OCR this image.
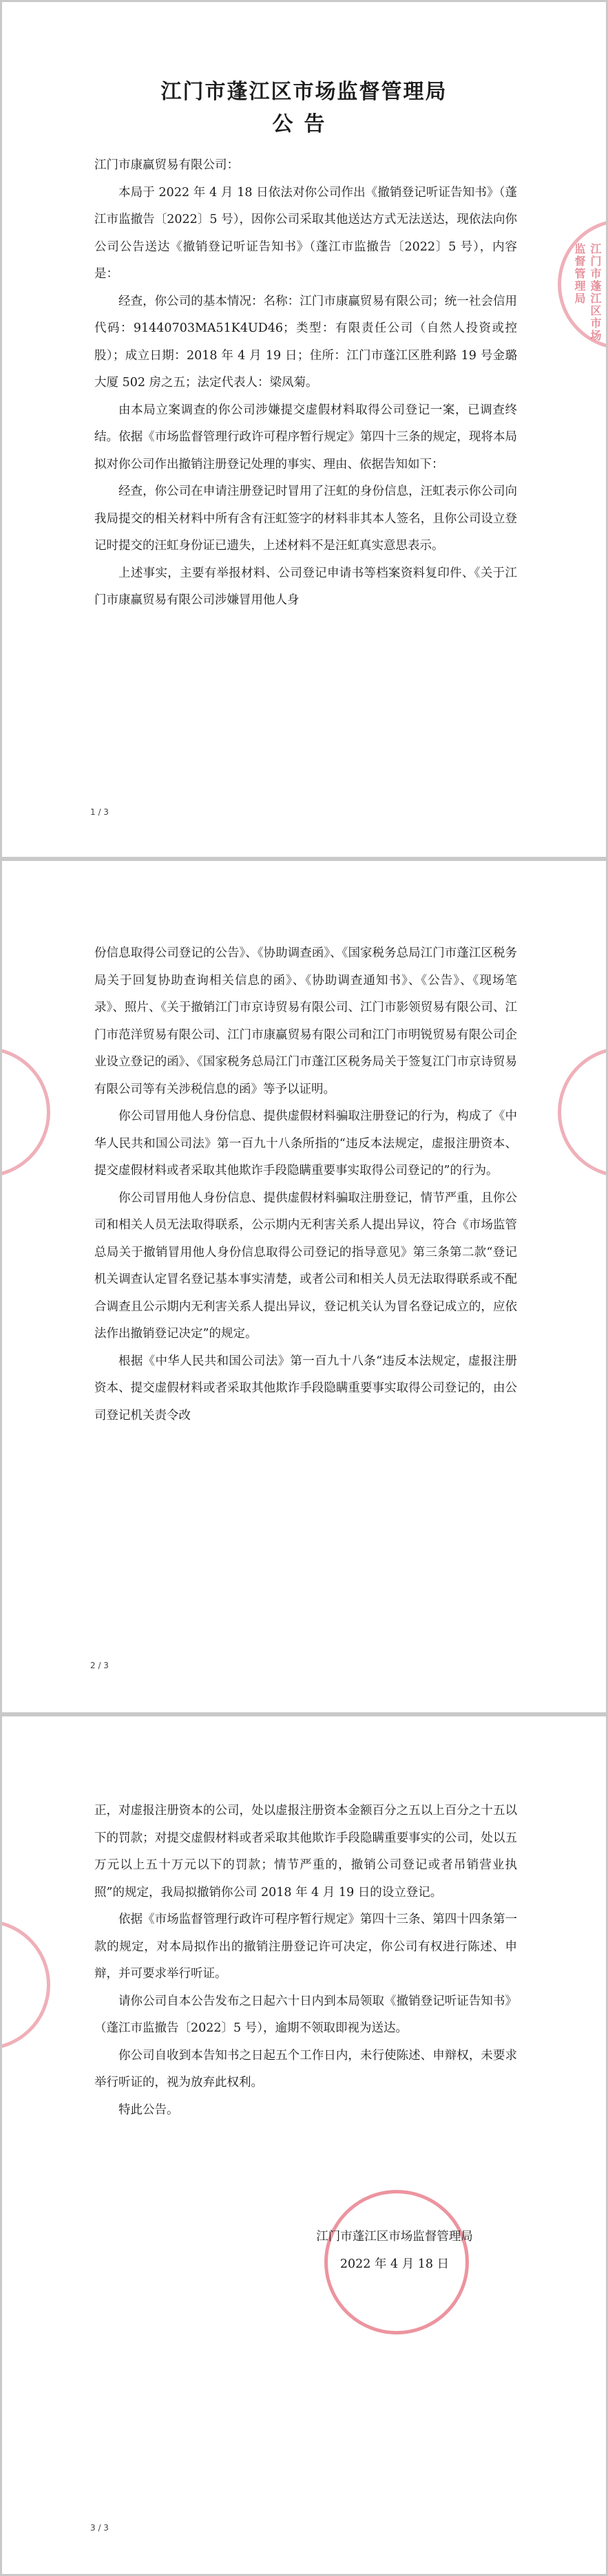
江门市蓬江区市场监督管理局
公告

江门市康赢贸易有限公司：

本局于 2022 年 4 月 18 日依法对你公司作出《撤销登记听证告知书》（蓬江市监撤告〔2022〕5 号），因你公司采取其他送达方式无法送达，现依法向你公司公告送达《撤销登记听证告知书》（蓬江市监撤告〔2022〕5 号），内容是：

经查，你公司的基本情况：名称：江门市康赢贸易有限公司；统一社会信用代码：91440703MA51K4UD46；类型：有限责任公司（自然人投资或控股）；成立日期：2018 年 4 月 19 日；住所：江门市蓬江区胜利路 19 号金璐大厦 502 房之五；法定代表人：梁凤菊。

由本局立案调查的你公司涉嫌提交虚假材料取得公司登记一案，已调查终结。依据《市场监督管理行政许可程序暂行规定》第四十三条的规定，现将本局拟对你公司作出撤销注册登记处理的事实、理由、依据告知如下：

经查，你公司在申请注册登记时冒用了汪虹的身份信息，汪虹表示你公司向我局提交的相关材料中所有含有汪虹签字的材料非其本人签名，且你公司设立登记时提交的汪虹身份证已遗失，上述材料不是汪虹真实意思表示。

上述事实，主要有举报材料、公司登记申请书等档案资料复印件、《关于江门市康赢贸易有限公司涉嫌冒用他人身

江门市蓬江区市场监督管理局
1 / 3

份信息取得公司登记的公告》、《协助调查函》、《国家税务总局江门市蓬江区税务局关于回复协助查询相关信息的函》、《协助调查通知书》、《公告》、《现场笔录》、照片、《关于撤销江门市京诗贸易有限公司、江门市影领贸易有限公司、江门市范洋贸易有限公司、江门市康赢贸易有限公司和江门市明锐贸易有限公司企业设立登记的函》、《国家税务总局江门市蓬江区税务局关于签复江门市京诗贸易有限公司等有关涉税信息的函》等予以证明。

你公司冒用他人身份信息、提供虚假材料骗取注册登记的行为，构成了《中华人民共和国公司法》第一百九十八条所指的“违反本法规定，虚报注册资本、提交虚假材料或者采取其他欺诈手段隐瞒重要事实取得公司登记的”的行为。

你公司冒用他人身份信息、提供虚假材料骗取注册登记，情节严重，且你公司和相关人员无法取得联系，公示期内无利害关系人提出异议，符合《市场监管总局关于撤销冒用他人身份信息取得公司登记的指导意见》第三条第二款“登记机关调查认定冒名登记基本事实清楚，或者公司和相关人员无法取得联系或不配合调查且公示期内无利害关系人提出异议，登记机关认为冒名登记成立的，应依法作出撤销登记决定”的规定。

根据《中华人民共和国公司法》第一百九十八条“违反本法规定，虚报注册资本、提交虚假材料或者采取其他欺诈手段隐瞒重要事实取得公司登记的，由公司登记机关责令改

2 / 3

正，对虚报注册资本的公司，处以虚报注册资本金额百分之五以上百分之十五以下的罚款；对提交虚假材料或者采取其他欺诈手段隐瞒重要事实的公司，处以五万元以上五十万元以下的罚款；情节严重的，撤销公司登记或者吊销营业执照”的规定，我局拟撤销你公司 2018 年 4 月 19 日的设立登记。

依据《市场监督管理行政许可程序暂行规定》第四十三条、第四十四条第一款的规定，对本局拟作出的撤销注册登记许可决定，你公司有权进行陈述、申辩，并可要求举行听证。

请你公司自本公告发布之日起六十日内到本局领取《撤销登记听证告知书》（蓬江市监撤告〔2022〕5 号），逾期不领取即视为送达。

你公司自收到本告知书之日起五个工作日内，未行使陈述、申辩权，未要求举行听证的，视为放弃此权利。

特此公告。

江门市蓬江区市场监督管理局
2022 年 4 月 18 日
3 / 3
